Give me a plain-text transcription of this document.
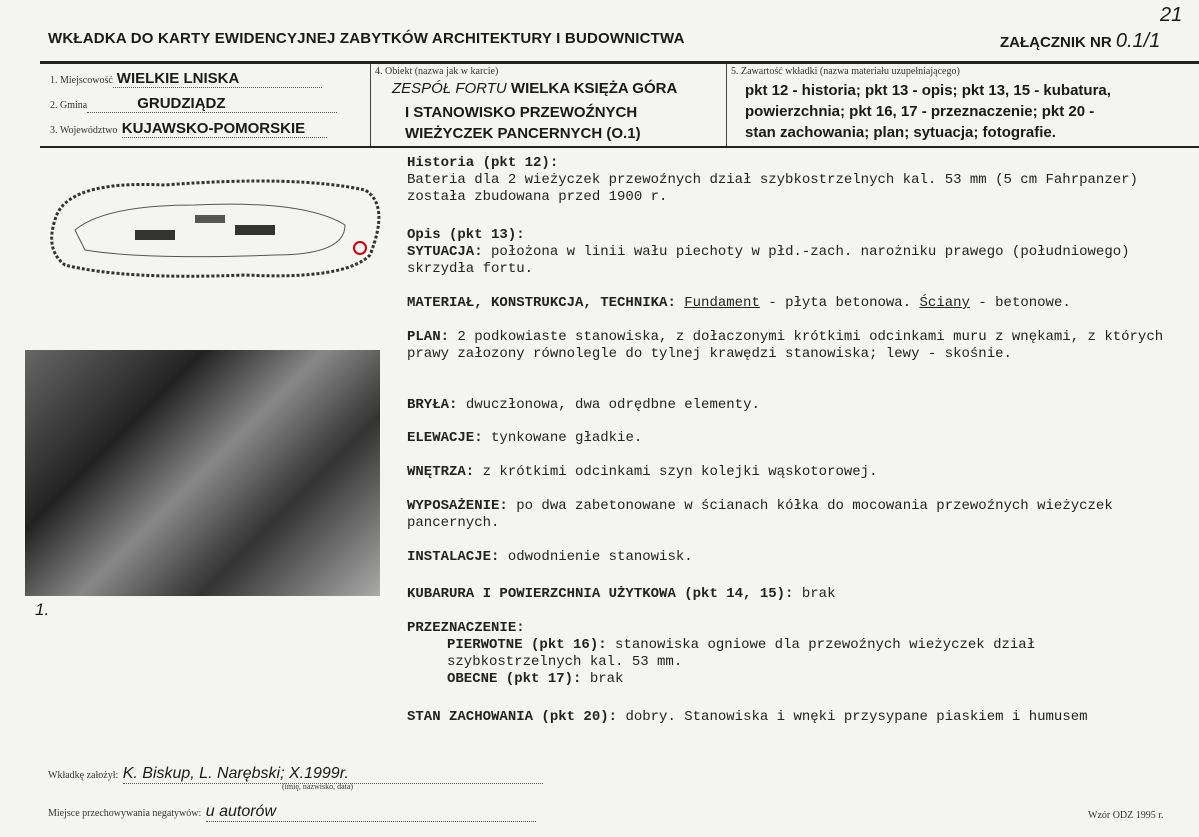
21
WKŁADKA DO KARTY EWIDENCYJNEJ ZABYTKÓW ARCHITEKTURY I BUDOWNICTWA	ZAŁĄCZNIK NR 0.1/1
1. Miejscowość WIELKIE LNISKA
2. Gmina	GRUDZIĄDZ
3. Województwo KUJAWSKO-POMORSKIE
4. Obiekt (nazwa jak w karcie)
ZESPÓŁ FORTU WIELKA KSIĘŻA GÓRA
I STANOWISKO PRZEWOŹNYCH
WIEŻYCZEK PANCERNYCH (O.1)
5. Zawartość wkładki (nazwa materiału uzupełniającego)
pkt 12 - historia; pkt 13 - opis; pkt 13, 15 - kubatura,
powierzchnia; pkt 16, 17 - przeznaczenie; pkt 20 -
stan zachowania; plan; sytuacja; fotografie.
1.
Historia (pkt 12):
Bateria dla 2 wieżyczek przewoźnych dział szybkostrzelnych kal. 53 mm (5 cm Fahrpanzer) została zbudowana przed 1900 r.
Opis (pkt 13):
SYTUACJA: położona w linii wału piechoty w płd.-zach. narożniku prawego (południowego) skrzydła fortu.
MATERIAŁ, KONSTRUKCJA, TECHNIKA: Fundament - płyta betonowa. Ściany - betonowe.
PLAN: 2 podkowiaste stanowiska, z dołaczonymi krótkimi odcinkami muru z wnękami, z których prawy załozony równolegle do tylnej krawędzi stanowiska; lewy - skośnie.
BRYŁA: dwuczłonowa, dwa odrędbne elementy.
ELEWACJE: tynkowane gładkie.
WNĘTRZA: z krótkimi odcinkami szyn kolejki wąskotorowej.
WYPOSAŻENIE: po dwa zabetonowane w ścianach kółka do mocowania przewoźnych wieżyczek pancernych.
INSTALACJE: odwodnienie stanowisk.
KUBARURA I POWIERZCHNIA UŻYTKOWA (pkt 14, 15): brak
PRZEZNACZENIE:
PIERWOTNE (pkt 16): stanowiska ogniowe dla przewoźnych wieżyczek dział szybkostrzelnych kal. 53 mm.
OBECNE (pkt 17): brak
STAN ZACHOWANIA (pkt 20): dobry. Stanowiska i wnęki przysypane piaskiem i humusem
Wkładkę założył: K. Biskup, L. Narębski; X.1999r.
(imię, nazwisko, data)
Miejsce przechowywania negatywów: u autorów	Wzór ODZ 1995 r.
